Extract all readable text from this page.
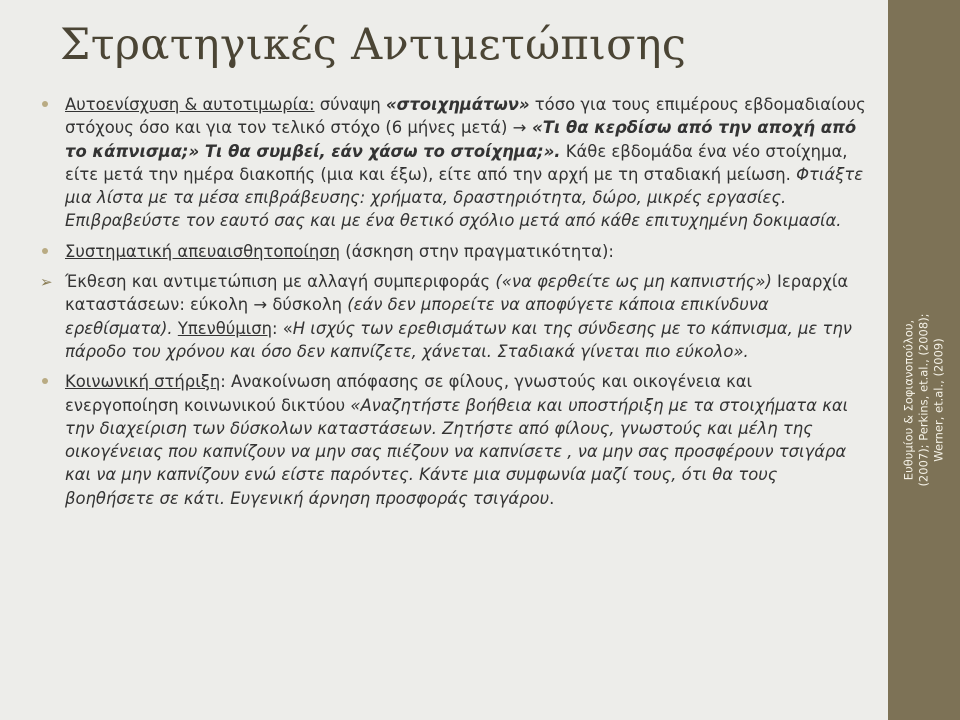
Στρατηγικές Αντιμετώπισης
Αυτοενίσχυση & αυτοτιμωρία: σύναψη «στοιχημάτων» τόσο για τους επιμέρους εβδομαδιαίους στόχους όσο και για τον τελικό στόχο (6 μήνες μετά) → «Τι θα κερδίσω από την αποχή από το κάπνισμα;» Τι θα συμβεί, εάν χάσω το στοίχημα;». Κάθε εβδομάδα ένα νέο στοίχημα, είτε μετά την ημέρα διακοπής (μια και έξω), είτε από την αρχή με τη σταδιακή μείωση. Φτιάξτε μια λίστα με τα μέσα επιβράβευσης: χρήματα, δραστηριότητα, δώρο, μικρές εργασίες. Επιβραβεύστε τον εαυτό σας και με ένα θετικό σχόλιο μετά από κάθε επιτυχημένη δοκιμασία.
Συστηματική απευαισθητοποίηση (άσκηση στην πραγματικότητα):
➢ Έκθεση και αντιμετώπιση με αλλαγή συμπεριφοράς («να φερθείτε ως μη καπνιστής») Ιεραρχία καταστάσεων: εύκολη → δύσκολη (εάν δεν μπορείτε να αποφύγετε κάποια επικίνδυνα ερεθίσματα). Υπενθύμιση: «Η ισχύς των ερεθισμάτων και της σύνδεσης με το κάπνισμα, με την πάροδο του χρόνου και όσο δεν καπνίζετε, χάνεται. Σταδιακά γίνεται πιο εύκολο».
Κοινωνική στήριξη: Ανακοίνωση απόφασης σε φίλους, γνωστούς και οικογένεια και ενεργοποίηση κοινωνικού δικτύου «Αναζητήστε βοήθεια και υποστήριξη με τα στοιχήματα και την διαχείριση των δύσκολων καταστάσεων. Ζητήστε από φίλους, γνωστούς και μέλη της οικογένειας που καπνίζουν να μην σας πιέζουν να καπνίσετε , να μην σας προσφέρουν τσιγάρα και να μην καπνίζουν ενώ είστε παρόντες. Κάντε μια συμφωνία μαζί τους, ότι θα τους βοηθήσετε σε κάτι. Ευγενική άρνηση προσφοράς τσιγάρου.
Ευθυμίου & Σοφιανοπούλου, (2007); Perkins, et.al., (2008); Werner, et.al., (2009)
